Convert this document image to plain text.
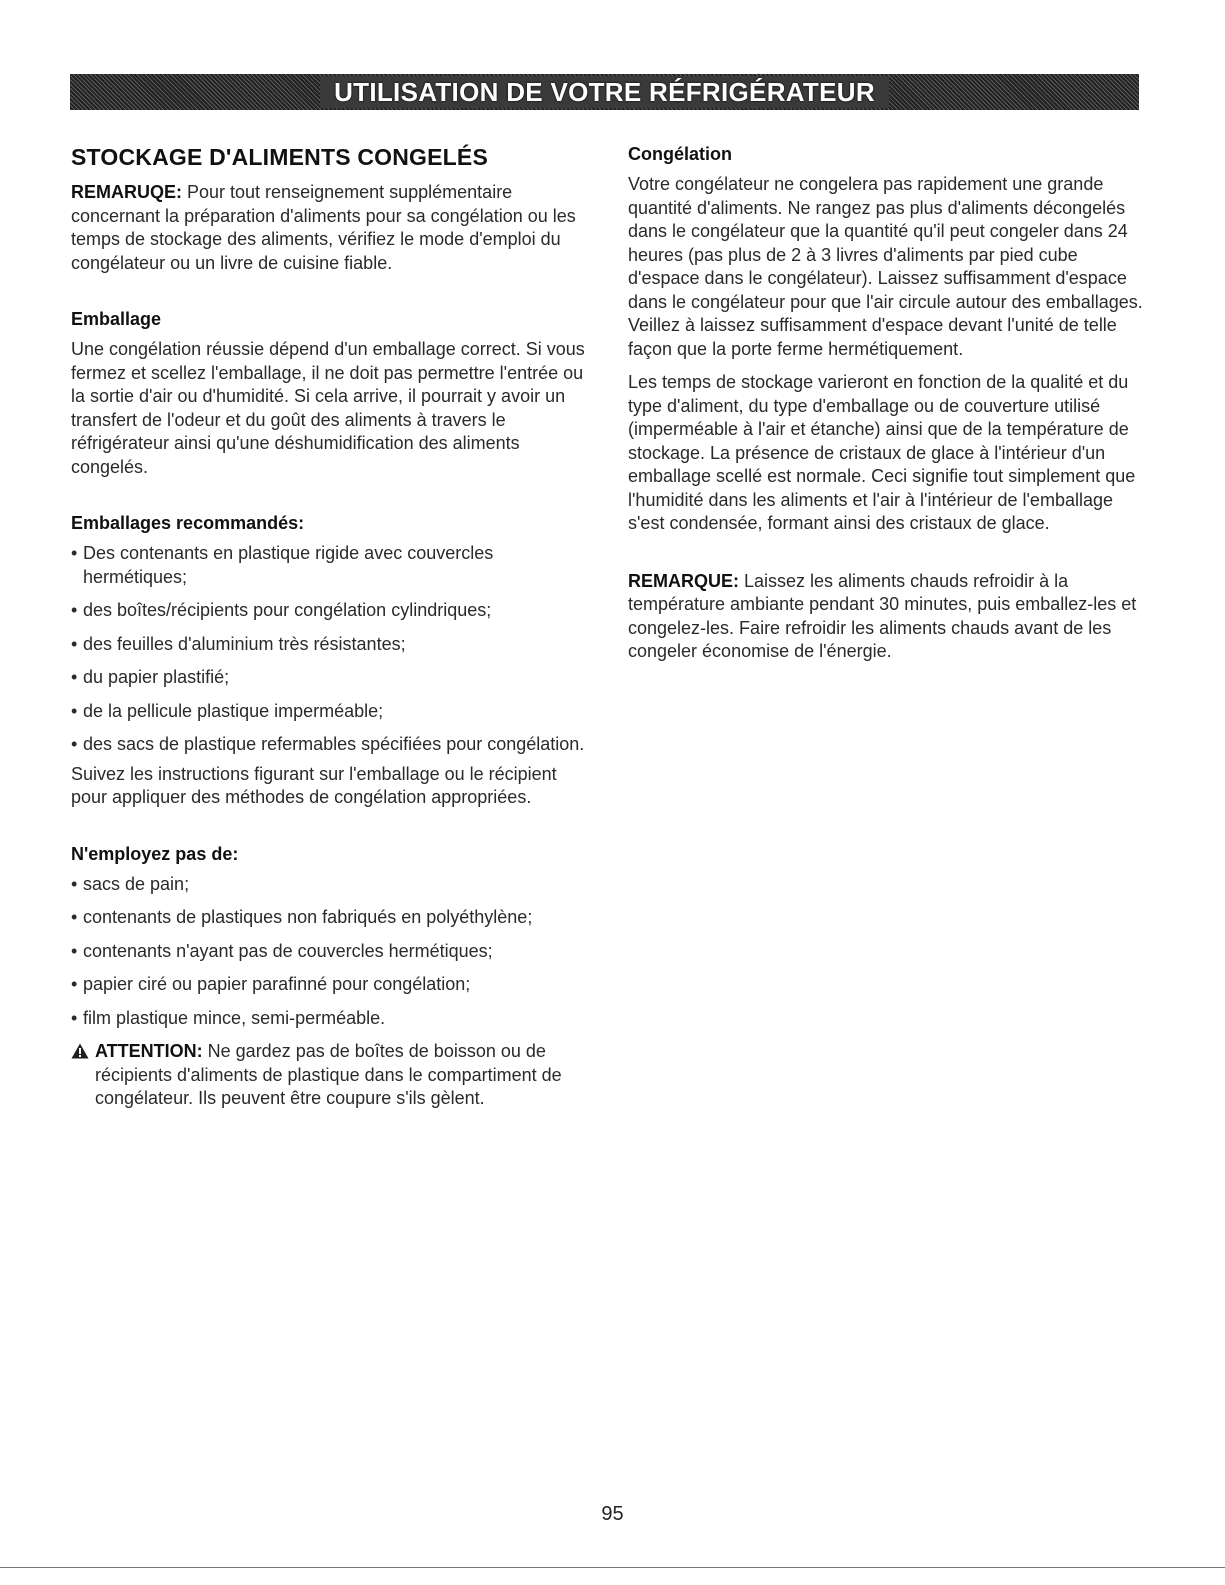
UTILISATION DE VOTRE RÉFRIGÉRATEUR
STOCKAGE D'ALIMENTS CONGELÉS

REMARUQE: Pour tout renseignement supplémentaire concernant la préparation d'aliments pour sa congélation ou les temps de stockage des aliments, vérifiez le mode d'emploi du congélateur ou un livre de cuisine fiable.

Emballage

Une congélation réussie dépend d'un emballage correct. Si vous fermez et scellez l'emballage, il ne doit pas permettre l'entrée ou la sortie d'air ou d'humidité. Si cela arrive, il pourrait y avoir un transfert de l'odeur et du goût des aliments à travers le réfrigérateur ainsi qu'une déshumidification des aliments congelés.

Emballages recommandés:
• Des contenants en plastique rigide avec couvercles hermétiques;
• des boîtes/récipients pour congélation cylindriques;
• des feuilles d'aluminium très résistantes;
• du papier plastifié;
• de la pellicule plastique imperméable;
• des sacs de plastique refermables spécifiées pour congélation.

Suivez les instructions figurant sur l'emballage ou le récipient pour appliquer des méthodes de congélation appropriées.

N'employez pas de:
• sacs de pain;
• contenants de plastiques non fabriqués en polyéthylène;
• contenants n'ayant pas de couvercles hermétiques;
• papier ciré ou papier parafinné pour congélation;
• film plastique mince, semi-perméable.
ATTENTION: Ne gardez pas de boîtes de boisson ou de récipients d'aliments de plastique dans le compartiment de congélateur. Ils peuvent être coupure s'ils gèlent.
Congélation

Votre congélateur ne congelera pas rapidement une grande quantité d'aliments. Ne rangez pas plus d'aliments décongelés dans le congélateur que la quantité qu'il peut congeler dans 24 heures (pas plus de 2 à 3 livres d'aliments par pied cube d'espace dans le congélateur). Laissez suffisamment d'espace dans le congélateur pour que l'air circule autour des emballages. Veillez à laissez suffisamment d'espace devant l'unité de telle façon que la porte ferme hermétiquement.

Les temps de stockage varieront en fonction de la qualité et du type d'aliment, du type d'emballage ou de couverture utilisé (imperméable à l'air et étanche) ainsi que de la température de stockage. La présence de cristaux de glace à l'intérieur d'un emballage scellé est normale. Ceci signifie tout simplement que l'humidité dans les aliments et l'air à l'intérieur de l'emballage s'est condensée, formant ainsi des cristaux de glace.

REMARQUE: Laissez les aliments chauds refroidir à la température ambiante pendant 30 minutes, puis emballez-les et congelez-les. Faire refroidir les aliments chauds avant de les congeler économise de l'énergie.

95
